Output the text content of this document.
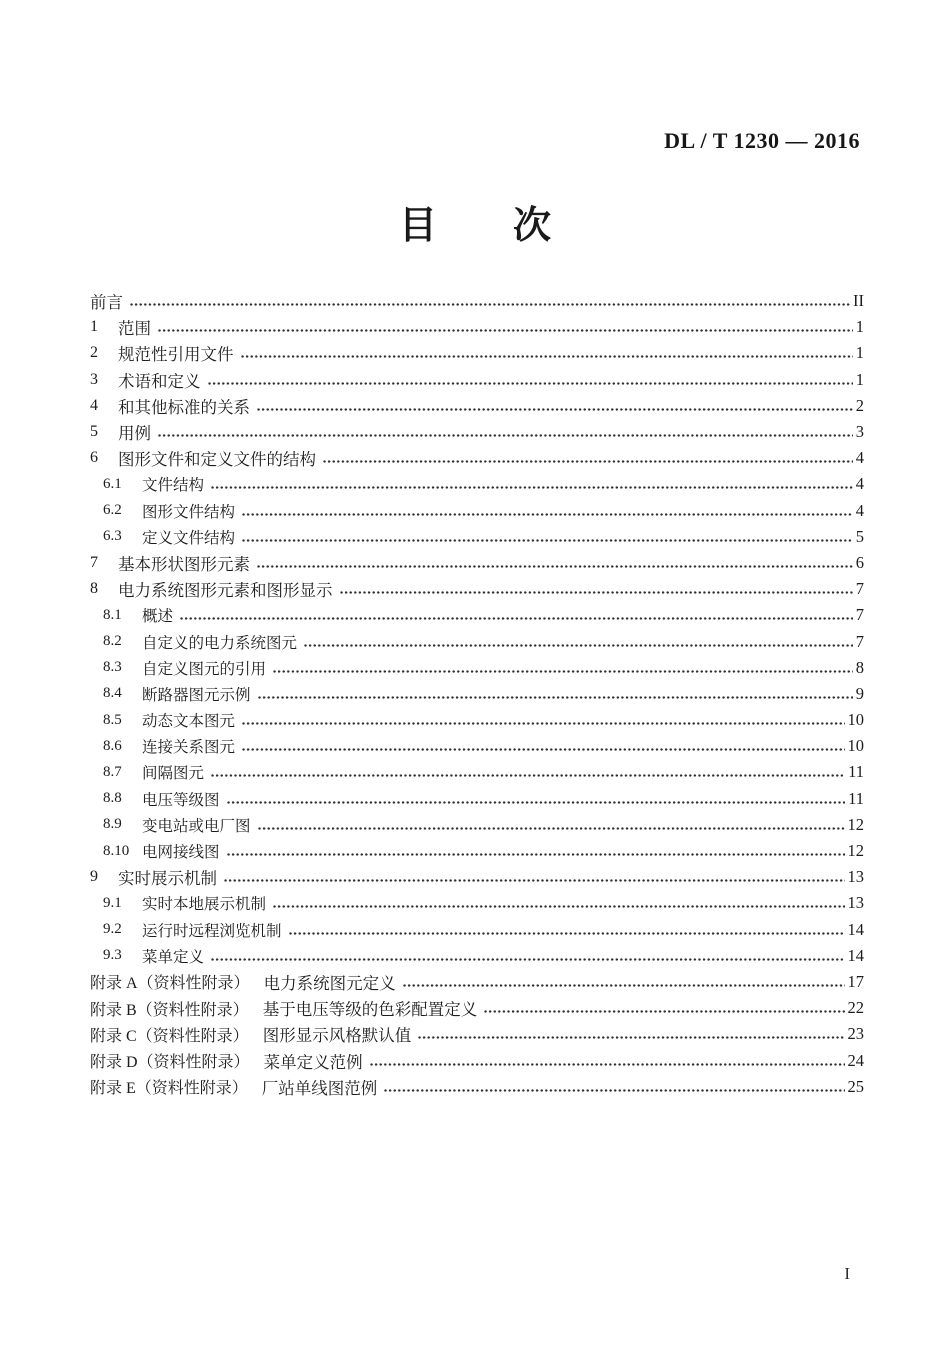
DL / T 1230 — 2016
目　　次
前言	II
1	范围	1
2	规范性引用文件	1
3	术语和定义	1
4	和其他标准的关系	2
5	用例	3
6	图形文件和定义文件的结构	4
6.1	文件结构	4
6.2	图形文件结构	4
6.3	定义文件结构	5
7	基本形状图形元素	6
8	电力系统图形元素和图形显示	7
8.1	概述	7
8.2	自定义的电力系统图元	7
8.3	自定义图元的引用	8
8.4	断路器图元示例	9
8.5	动态文本图元	10
8.6	连接关系图元	10
8.7	间隔图元	11
8.8	电压等级图	11
8.9	变电站或电厂图	12
8.10 电网接线图	12
9	实时展示机制	13
9.1	实时本地展示机制	13
9.2	运行时远程浏览机制	14
9.3	菜单定义	14
附录 A（资料性附录） 电力系统图元定义	17
附录 B（资料性附录） 基于电压等级的色彩配置定义	22
附录 C（资料性附录） 图形显示风格默认值	23
附录 D（资料性附录） 菜单定义范例	24
附录 E（资料性附录） 厂站单线图范例	25
I
